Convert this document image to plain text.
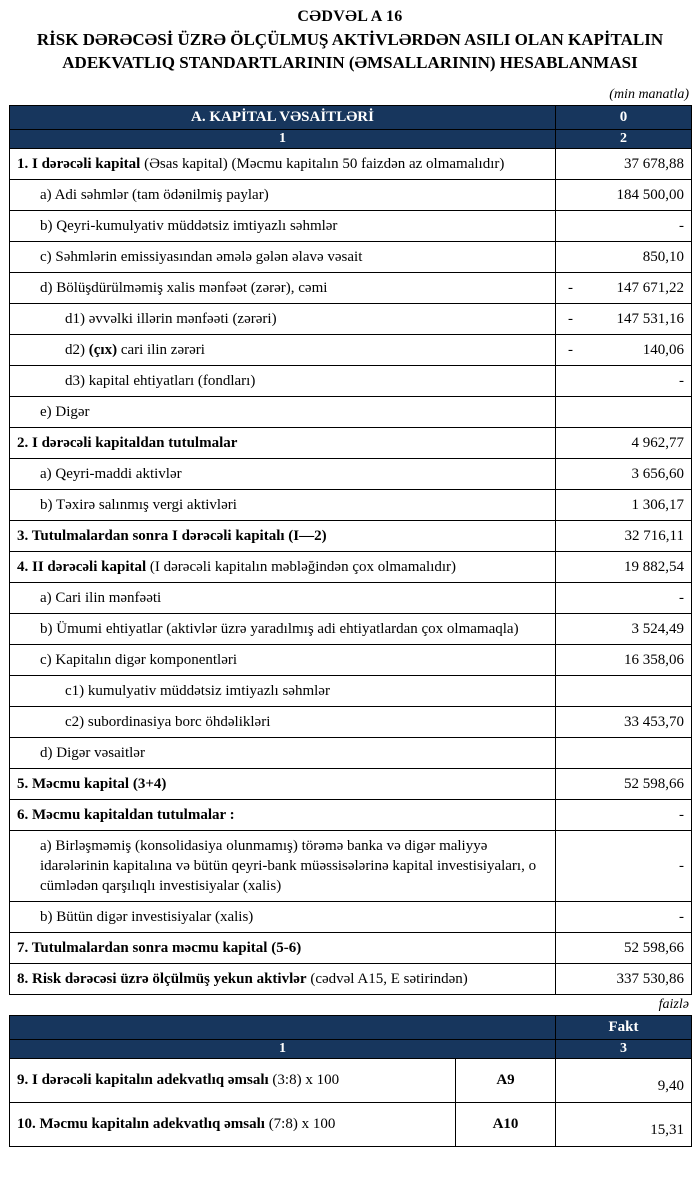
CƏDVƏL A 16
RİSK DƏRƏCƏSİ ÜZRƏ ÖLÇÜLMUŞ AKTİVLƏRDƏN ASILI OLAN KAPİTALIN ADEKVATLIQ STANDARTLARININ (ƏMSALLARININ) HESABLANMASI
(min manatla)
A. KAPİTAL VƏSAİTLƏRİ	0
1	2
1. I dərəcəli kapital (Əsas kapital) (Məcmu kapitalın 50 faizdən az olmamalıdır)	37 678,88
a) Adi səhmlər (tam ödənilmiş paylar)	184 500,00
b) Qeyri-kumulyativ müddətsiz imtiyazlı səhmlər	-
c) Səhmlərin emissiyasından əmələ gələn əlavə vəsait	850,10
d) Bölüşdürülməmiş xalis mənfəət (zərər), cəmi	- 147 671,22
d1) əvvəlki illərin mənfəəti (zərəri)	- 147 531,16
d2) (çıx) cari ilin zərəri	- 140,06
d3) kapital ehtiyatları (fondları)	-
e) Digər	
2. I dərəcəli kapitaldan tutulmalar	4 962,77
a) Qeyri-maddi aktivlər	3 656,60
b) Təxirə salınmış vergi aktivləri	1 306,17
3. Tutulmalardan sonra I dərəcəli kapitalı (I—2)	32 716,11
4. II dərəcəli kapital (I dərəcəli kapitalın məbləğindən çox olmamalıdır)	19 882,54
a) Cari ilin mənfəəti	-
b) Ümumi ehtiyatlar (aktivlər üzrə yaradılmış adi ehtiyatlardan çox olmamaqla)	3 524,49
c) Kapitalın digər komponentləri	16 358,06
c1) kumulyativ müddətsiz imtiyazlı səhmlər	
c2) subordinasiya borc öhdəlikləri	33 453,70
d) Digər vəsaitlər	
5. Məcmu kapital (3+4)	52 598,66
6. Məcmu kapitaldan tutulmalar :	-
a) Birləşməmiş (konsolidasiya olunmamış) törəmə banka və digər maliyyə idarələrinin kapitalına və bütün qeyri-bank müəssisələrinə kapital investisiyaları, o cümlədən qarşılıqlı investisiyalar (xalis)	-
b) Bütün digər investisiyalar (xalis)	-
7. Tutulmalardan sonra məcmu kapital (5-6)	52 598,66
8. Risk dərəcəsi üzrə ölçülmüş yekun aktivlər (cədvəl A15, E sətirindən)	337 530,86
faizlə
		Fakt
1		3
9. I dərəcəli kapitalın adekvatlıq əmsalı (3:8) x 100	A9	9,40
10. Məcmu kapitalın adekvatlıq əmsalı (7:8) x 100	A10	15,31
